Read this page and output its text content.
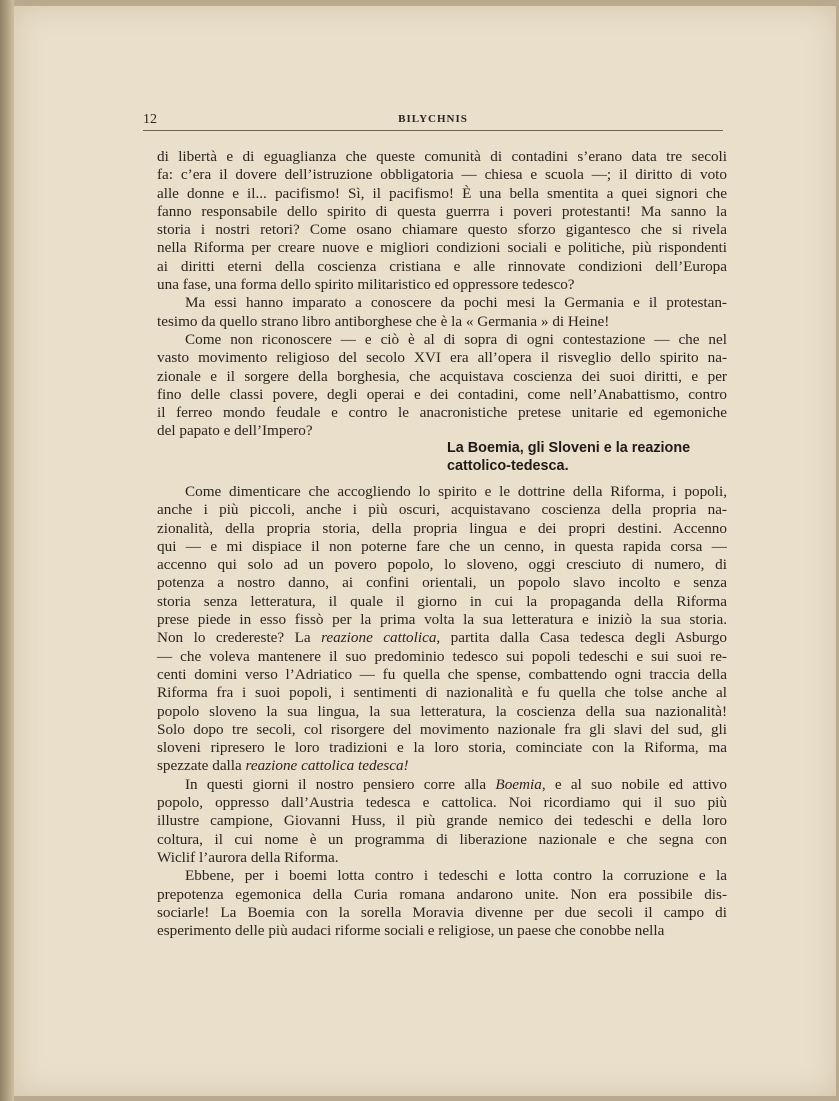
12	BILYCHNIS
di libertà e di eguaglianza che queste comunità di contadini s’erano data tre secoli
fa: c’era il dovere dell’istruzione obbligatoria — chiesa e scuola —; il diritto di voto
alle donne e il... pacifismo! Sì, il pacifismo! È una bella smentita a quei signori che
fanno responsabile dello spirito di questa guerrra i poveri protestanti! Ma sanno la
storia i nostri retori? Come osano chiamare questo sforzo gigantesco che si rivela
nella Riforma per creare nuove e migliori condizioni sociali e politiche, più rispondenti
ai diritti eterni della coscienza cristiana e alle rinnovate condizioni dell’Europa
una fase, una forma dello spirito militaristico ed oppressore tedesco?
Ma essi hanno imparato a conoscere da pochi mesi la Germania e il protestan-
tesimo da quello strano libro antiborghese che è la « Germania » di Heine!
Come non riconoscere — e ciò è al di sopra di ogni contestazione — che nel
vasto movimento religioso del secolo XVI era all’opera il risveglio dello spirito na-
zionale e il sorgere della borghesia, che acquistava coscienza dei suoi diritti, e per
fino delle classi povere, degli operai e dei contadini, come nell’Anabattismo, contro
il ferreo mondo feudale e contro le anacronistiche pretese unitarie ed egemoniche
del papato e dell’Impero?
La Boemia, gli Sloveni e la reazione
cattolico-tedesca.
Come dimenticare che accogliendo lo spirito e le dottrine della Riforma, i popoli,
anche i più piccoli, anche i più oscuri, acquistavano coscienza della propria na-
zionalità, della propria storia, della propria lingua e dei propri destini. Accenno
qui — e mi dispiace il non poterne fare che un cenno, in questa rapida corsa —
accenno qui solo ad un povero popolo, lo sloveno, oggi cresciuto di numero, di
potenza a nostro danno, ai confini orientali, un popolo slavo incolto e senza
storia senza letteratura, il quale il giorno in cui la propaganda della Riforma
prese piede in esso fissò per la prima volta la sua letteratura e iniziò la sua storia.
Non lo credereste? La reazione cattolica, partita dalla Casa tedesca degli Asburgo
— che voleva mantenere il suo predominio tedesco sui popoli tedeschi e sui suoi re-
centi domini verso l’Adriatico — fu quella che spense, combattendo ogni traccia della
Riforma fra i suoi popoli, i sentimenti di nazionalità e fu quella che tolse anche al
popolo sloveno la sua lingua, la sua letteratura, la coscienza della sua nazionalità!
Solo dopo tre secoli, col risorgere del movimento nazionale fra gli slavi del sud, gli
sloveni ripresero le loro tradizioni e la loro storia, cominciate con la Riforma, ma
spezzate dalla reazione cattolica tedesca!
In questi giorni il nostro pensiero corre alla Boemia, e al suo nobile ed attivo
popolo, oppresso dall’Austria tedesca e cattolica. Noi ricordiamo qui il suo più
illustre campione, Giovanni Huss, il più grande nemico dei tedeschi e della loro
coltura, il cui nome è un programma di liberazione nazionale e che segna con
Wiclif l’aurora della Riforma.
Ebbene, per i boemi lotta contro i tedeschi e lotta contro la corruzione e la
prepotenza egemonica della Curia romana andarono unite. Non era possibile dis-
sociarle! La Boemia con la sorella Moravia divenne per due secoli il campo di
esperimento delle più audaci riforme sociali e religiose, un paese che conobbe nella
